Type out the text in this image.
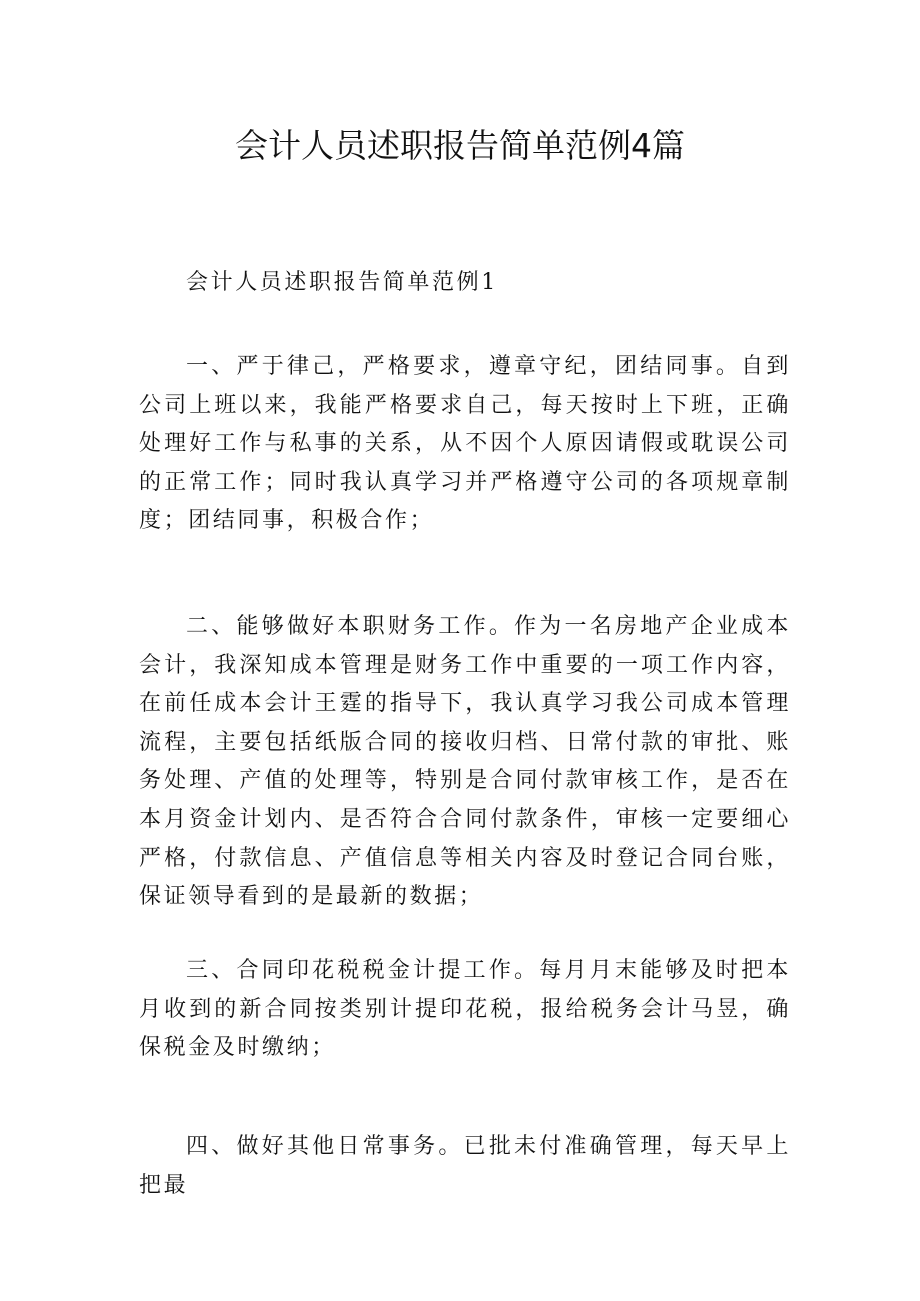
会计人员述职报告简单范例4篇

会计人员述职报告简单范例1

一、严于律己，严格要求，遵章守纪，团结同事。自到公司上班以来，我能严格要求自己，每天按时上下班，正确处理好工作与私事的关系，从不因个人原因请假或耽误公司的正常工作；同时我认真学习并严格遵守公司的各项规章制度；团结同事，积极合作；

二、能够做好本职财务工作。作为一名房地产企业成本会计，我深知成本管理是财务工作中重要的一项工作内容，在前任成本会计王霆的指导下，我认真学习我公司成本管理流程，主要包括纸版合同的接收归档、日常付款的审批、账务处理、产值的处理等，特别是合同付款审核工作，是否在本月资金计划内、是否符合合同付款条件，审核一定要细心严格，付款信息、产值信息等相关内容及时登记合同台账，保证领导看到的是最新的数据；

三、合同印花税税金计提工作。每月月末能够及时把本月收到的新合同按类别计提印花税，报给税务会计马昱，确保税金及时缴纳；

四、做好其他日常事务。已批未付准确管理，每天早上把最
